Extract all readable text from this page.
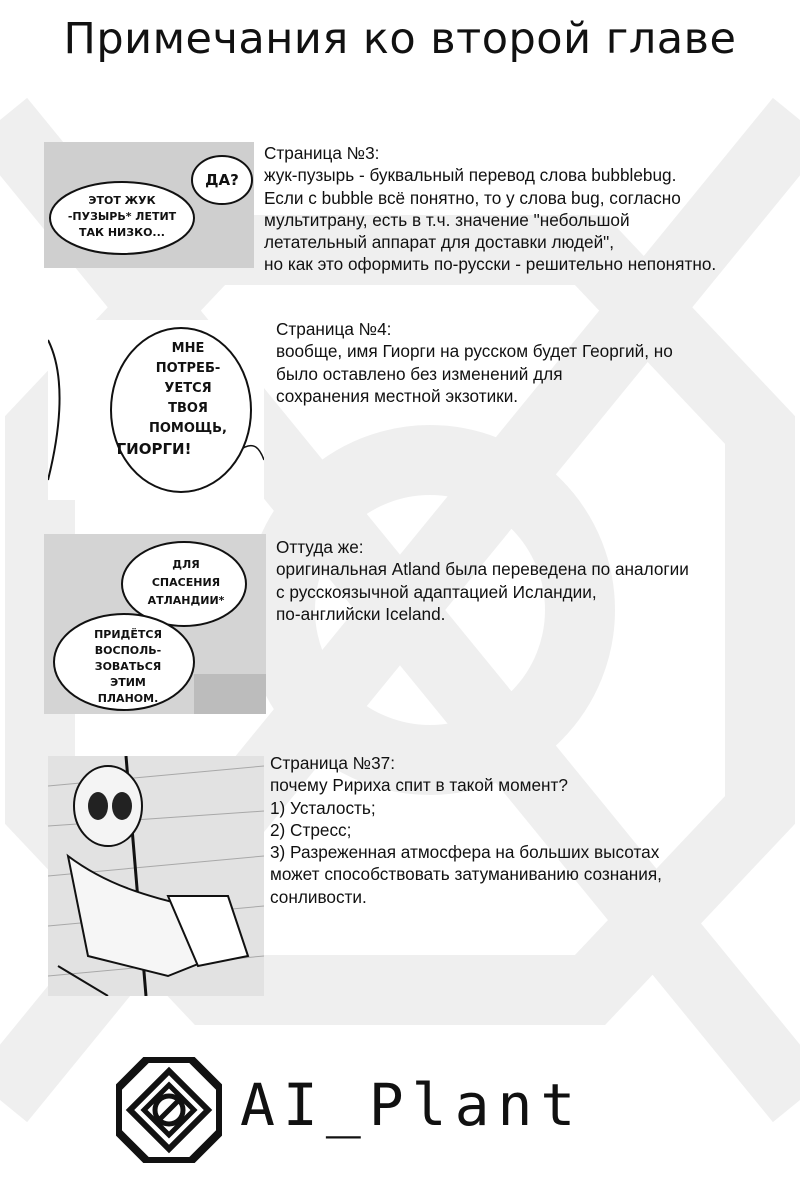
Примечания ко второй главе
ЭТОТ ЖУК
-ПУЗЫРЬ* ЛЕТИТ
ТАК НИЗКО...
ДА?
Страница №3:
жук-пузырь - буквальный перевод слова bubblebug.
Если с bubble всё понятно, то у слова bug, согласно
мультитрану, есть в т.ч. значение "небольшой
летательный аппарат для доставки людей",
но как это оформить по-русски - решительно непонятно.
МНЕ
ПОТРЕБ-
УЕТСЯ
ТВОЯ
ПОМОЩЬ,
ГИОРГИ!
Страница №4:
вообще, имя Гиорги на русском будет Георгий, но
было оставлено без изменений для
сохранения местной экзотики.
ДЛЯ
СПАСЕНИЯ
АТЛАНДИИ*
ПРИДЁТСЯ
ВОСПОЛЬ-
ЗОВАТЬСЯ
ЭТИМ
ПЛАНОМ.
Оттуда же:
оригинальная Atland была переведена по аналогии
с русскоязычной адаптацией Исландии,
по-английски Iceland.
Страница №37:
почему Ририха спит в такой момент?
1) Усталость;
2) Стресс;
3) Разреженная атмосфера на больших высотах
может способствовать затуманиванию сознания,
сонливости.
AI_Plant
